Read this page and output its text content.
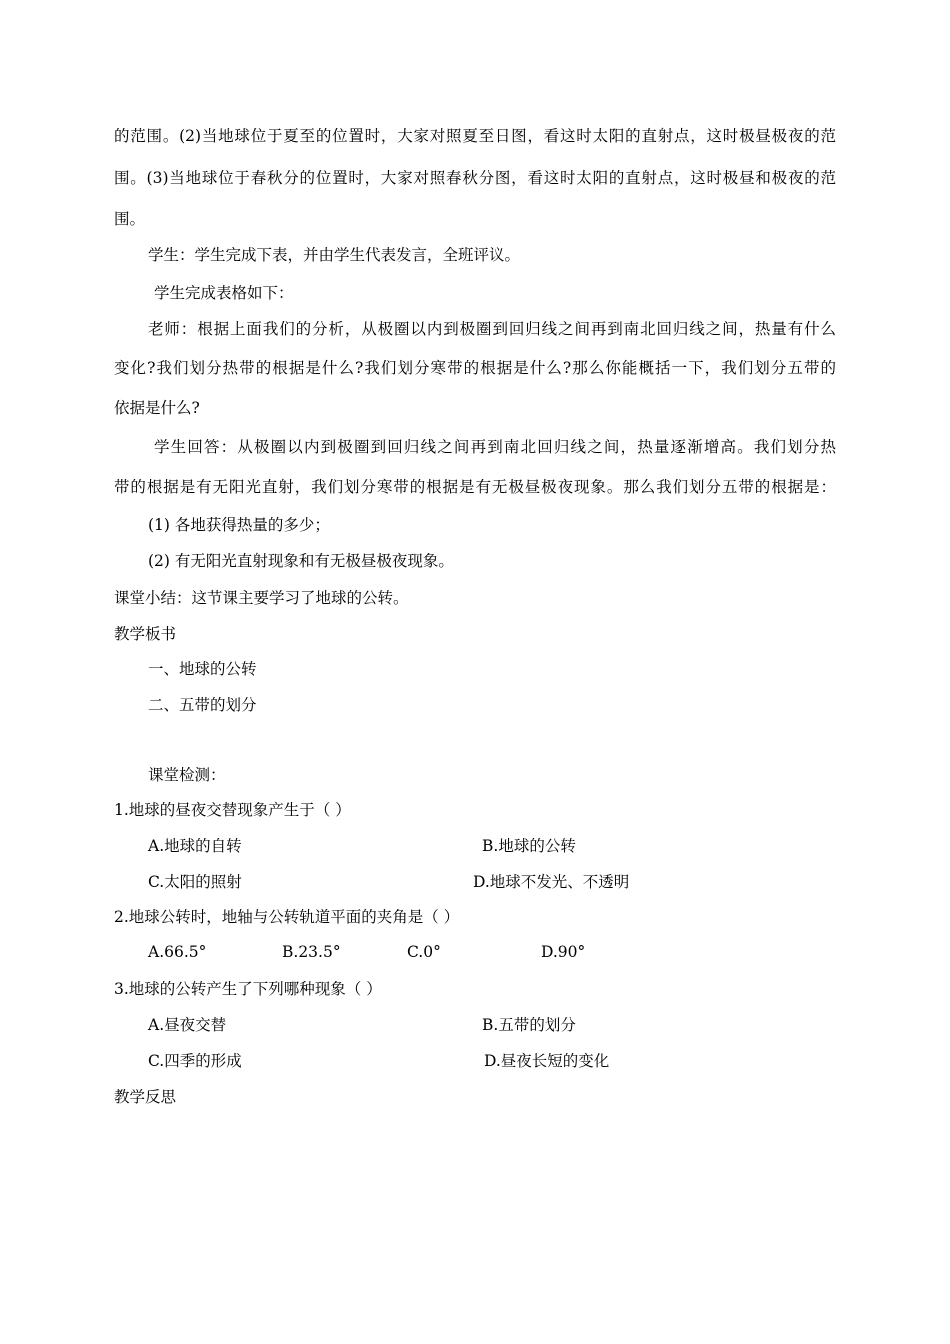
的范围。(2)当地球位于夏至的位置时，大家对照夏至日图，看这时太阳的直射点，这时极昼极夜的范
围。(3)当地球位于春秋分的位置时，大家对照春秋分图，看这时太阳的直射点，这时极昼和极夜的范
围。
学生：学生完成下表，并由学生代表发言，全班评议。
学生完成表格如下：
老师：根据上面我们的分析，从极圈以内到极圈到回归线之间再到南北回归线之间，热量有什么
变化?我们划分热带的根据是什么?我们划分寒带的根据是什么?那么你能概括一下，我们划分五带的
依据是什么?
学生回答：从极圈以内到极圈到回归线之间再到南北回归线之间，热量逐渐增高。我们划分热
带的根据是有无阳光直射，我们划分寒带的根据是有无极昼极夜现象。那么我们划分五带的根据是：
(1) 各地获得热量的多少；
(2) 有无阳光直射现象和有无极昼极夜现象。
课堂小结：这节课主要学习了地球的公转。
教学板书
一、地球的公转
二、五带的划分
课堂检测：
1.地球的昼夜交替现象产生于（ ）
A.地球的自转	B.地球的公转
C.太阳的照射	D.地球不发光、不透明
2.地球公转时，地轴与公转轨道平面的夹角是（ ）
A.66.5°	B.23.5°	C.0°	D.90°
3.地球的公转产生了下列哪种现象（ ）
A.昼夜交替	B.五带的划分
C.四季的形成	D.昼夜长短的变化
教学反思
